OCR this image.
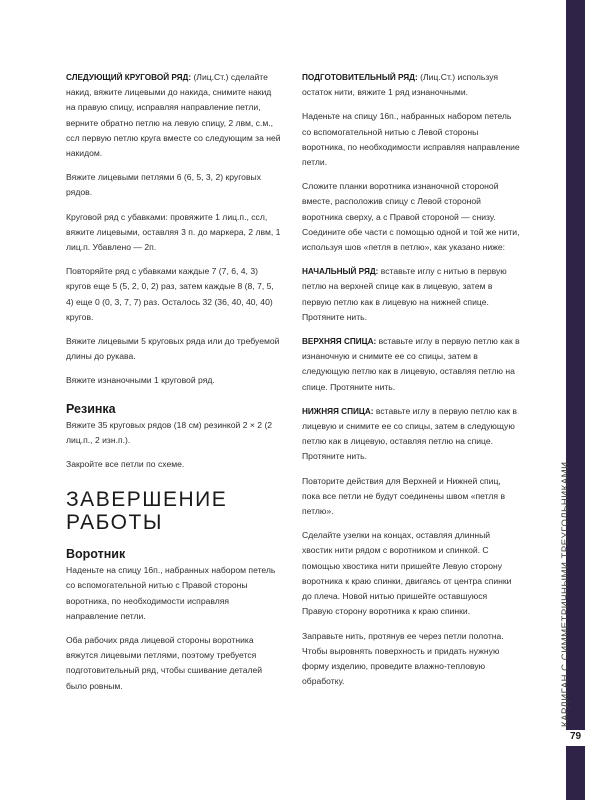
СЛЕДУЮЩИЙ КРУГОВОЙ РЯД: (Лиц.Ст.) сделайте накид, вяжите лицевыми до накида, снимите накид на правую спицу, исправляя направление петли, верните обратно петлю на левую спицу, 2 лвм, с.м., ссл первую петлю круга вместе со следующим за ней накидом.

Вяжите лицевыми петлями 6 (6, 5, 3, 2) круговых рядов.

Круговой ряд с убавками: провяжите 1 лиц.п., ссл, вяжите лицевыми, оставляя 3 п. до маркера, 2 лвм, 1 лиц.п. Убавлено — 2п.

Повторяйте ряд с убавками каждые 7 (7, 6, 4, 3) кругов еще 5 (5, 2, 0, 2) раз, затем каждые 8 (8, 7, 5, 4) еще 0 (0, 3, 7, 7) раз. Осталось 32 (36, 40, 40, 40) кругов.

Вяжите лицевыми 5 круговых ряда или до требуемой длины до рукава.

Вяжите изнаночными 1 круговой ряд.

Резинка

Вяжите 35 круговых рядов (18 см) резинкой 2 × 2 (2 лиц.п., 2 изн.п.).

Закройте все петли по схеме.

ЗАВЕРШЕНИЕ РАБОТЫ
Воротник

Наденьте на спицу 16п., набранных набором петель со вспомогательной нитью с Правой стороны воротника, по необходимости исправляя направление петли.

Оба рабочих ряда лицевой стороны воротника вяжутся лицевыми петлями, поэтому требуется подготовительный ряд, чтобы сшивание деталей было ровным.

ПОДГОТОВИТЕЛЬНЫЙ РЯД: (Лиц.Ст.) используя остаток нити, вяжите 1 ряд изнаночными.

Наденьте на спицу 16п., набранных набором петель со вспомогательной нитью с Левой стороны воротника, по необходимости исправляя направление петли.

Сложите планки воротника изнаночной стороной вместе, расположив спицу с Левой стороной воротника сверху, а с Правой стороной — снизу. Соедините обе части с помощью одной и той же нити, используя шов «петля в петлю», как указано ниже:

НАЧАЛЬНЫЙ РЯД: вставьте иглу с нитью в первую петлю на верхней спице как в лицевую, затем в первую петлю как в лицевую на нижней спице. Протяните нить.

ВЕРХНЯЯ СПИЦА: вставьте иглу в первую петлю как в изнаночную и снимите ее со спицы, затем в следующую петлю как в лицевую, оставляя петлю на спице. Протяните нить.

НИЖНЯЯ СПИЦА: вставьте иглу в первую петлю как в лицевую и снимите ее со спицы, затем в следующую петлю как в лицевую, оставляя петлю на спице. Протяните нить.

Повторите действия для Верхней и Нижней спиц, пока все петли не будут соединены швом «петля в петлю».

Сделайте узелки на концах, оставляя длинный хвостик нити рядом с воротником и спинкой. С помощью хвостика нити пришейте Левую сторону воротника к краю спинки, двигаясь от центра спинки до плеча. Новой нитью пришейте оставшуюся Правую сторону воротника к краю спинки.

Заправьте нить, протянув ее через петли полотна. Чтобы выровнять поверхность и придать нужную форму изделию, проведите влажно-тепловую обработку.	КАРДИГАН С СИММЕТРИЧНЫМИ ТРЕУГОЛЬНИКАМИ
79
